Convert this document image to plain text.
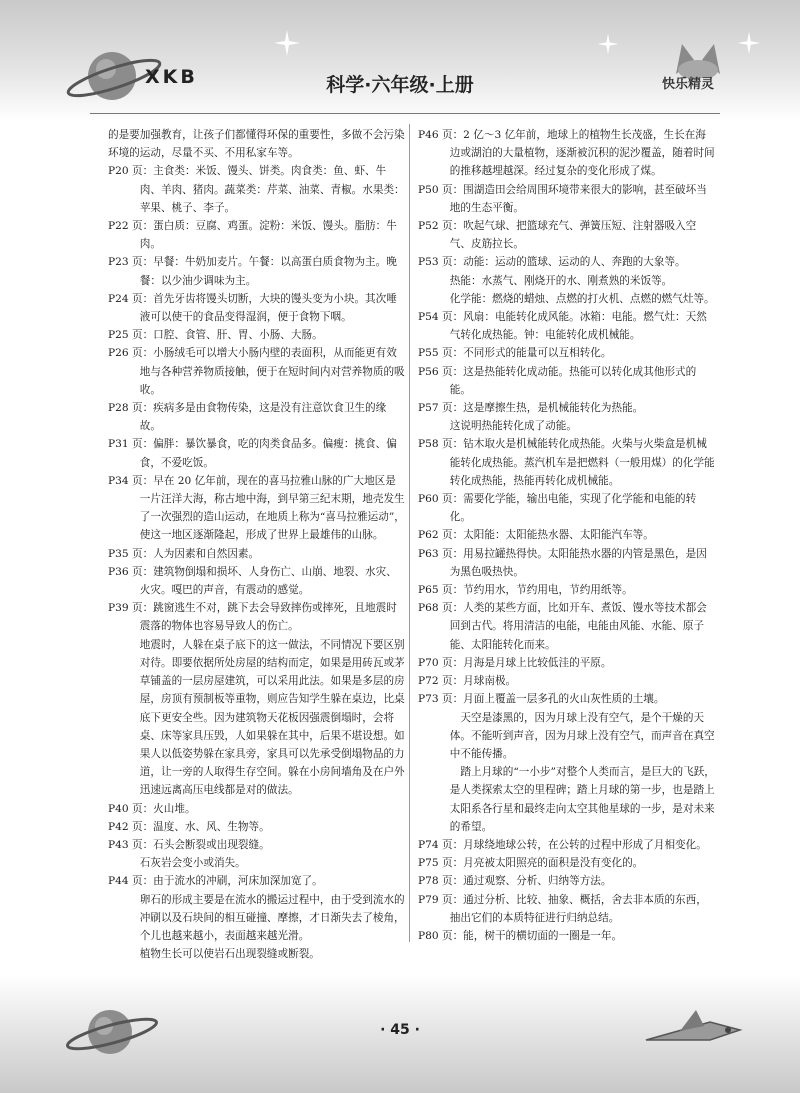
XKB	科学·六年级·上册	快乐精灵

的是要加强教育，让孩子们都懂得环保的重要性，多做不会污染环境的运动，尽量不买、不用私家车等。

P20 页：主食类：米饭、馒头、饼类。肉食类：鱼、虾、牛肉、羊肉、猪肉。蔬菜类：芹菜、油菜、青椒。水果类：苹果、桃子、李子。

P22 页：蛋白质：豆腐、鸡蛋。淀粉：米饭、馒头。脂肪：牛肉。

P23 页：早餐：牛奶加麦片。午餐：以高蛋白质食物为主。晚餐：以少油少调味为主。

P24 页：首先牙齿将馒头切断，大块的馒头变为小块。其次唾液可以使干的食品变得湿润，便于食物下咽。

P25 页：口腔、食管、肝、胃、小肠、大肠。

P26 页：小肠绒毛可以增大小肠内壁的表面积，从而能更有效地与各种营养物质接触，便于在短时间内对营养物质的吸收。

P28 页：疾病多是由食物传染，这是没有注意饮食卫生的缘故。

P31 页：偏胖：暴饮暴食，吃的肉类食品多。偏瘦：挑食、偏食，不爱吃饭。

P34 页：早在 20 亿年前，现在的喜马拉雅山脉的广大地区是一片汪洋大海，称古地中海，到早第三纪末期，地壳发生了一次强烈的造山运动，在地质上称为“喜马拉雅运动”，使这一地区逐渐隆起，形成了世界上最雄伟的山脉。

P35 页：人为因素和自然因素。

P36 页：建筑物倒塌和损坏、人身伤亡、山崩、地裂、水灾、火灾。嘎巴的声音，有震动的感觉。

P39 页：跳窗逃生不对，跳下去会导致摔伤或摔死，且地震时震落的物体也容易导致人的伤亡。

地震时，人躲在桌子底下的这一做法，不同情况下要区别对待。即要依据所处房屋的结构而定，如果是用砖瓦或茅草铺盖的一层房屋建筑，可以采用此法。如果是多层的房屋，房顶有预制板等重物，则应告知学生躲在桌边，比桌底下更安全些。因为建筑物天花板因强震倒塌时，会将桌、床等家具压毁，人如果躲在其中，后果不堪设想。如果人以低姿势躲在家具旁，家具可以先承受倒塌物品的力道，让一旁的人取得生存空间。躲在小房间墙角及在户外迅速远离高压电线都是对的做法。

P40 页：火山堆。

P42 页：温度、水、风、生物等。

P43 页：石头会断裂或出现裂缝。

石灰岩会变小或消失。

P44 页：由于流水的冲刷，河床加深加宽了。

卵石的形成主要是在流水的搬运过程中，由于受到流水的冲刷以及石块间的相互碰撞、摩擦，才日渐失去了棱角，个儿也越来越小，表面越来越光滑。

植物生长可以使岩石出现裂缝或断裂。

P46 页：2 亿～3 亿年前，地球上的植物生长茂盛，生长在海边或湖泊的大量植物，逐渐被沉积的泥沙覆盖，随着时间的推移越埋越深。经过复杂的变化形成了煤。

P50 页：围湖造田会给周围环境带来很大的影响，甚至破坏当地的生态平衡。

P52 页：吹起气球、把篮球充气、弹簧压短、注射器吸入空气、皮筋拉长。

P53 页：动能：运动的篮球、运动的人、奔跑的大象等。

热能：水蒸气、刚烧开的水、刚煮熟的米饭等。

化学能：燃烧的蜡烛、点燃的打火机、点燃的燃气灶等。

P54 页：风扇：电能转化成风能。冰箱：电能。燃气灶：天然气转化成热能。钟：电能转化成机械能。

P55 页：不同形式的能量可以互相转化。

P56 页：这是热能转化成动能。热能可以转化成其他形式的能。

P57 页：这是摩擦生热，是机械能转化为热能。

这说明热能转化成了动能。

P58 页：钻木取火是机械能转化成热能。火柴与火柴盒是机械能转化成热能。蒸汽机车是把燃料（一般用煤）的化学能转化成热能，热能再转化成机械能。

P60 页：需要化学能，输出电能，实现了化学能和电能的转化。

P62 页：太阳能：太阳能热水器、太阳能汽车等。

P63 页：用易拉罐热得快。太阳能热水器的内管是黑色，是因为黑色吸热快。

P65 页：节约用水，节约用电，节约用纸等。

P68 页：人类的某些方面，比如开车、煮饭、馒水等技术都会回到古代。将用清洁的电能，电能由风能、水能、原子能、太阳能转化而来。

P70 页：月海是月球上比较低洼的平原。

P72 页：月球南极。

P73 页：月面上覆盖一层多孔的火山灰性质的土壤。

天空是漆黑的，因为月球上没有空气，是个干燥的天体。不能听到声音，因为月球上没有空气，而声音在真空中不能传播。

踏上月球的“一小步”对整个人类而言，是巨大的飞跃，是人类探索太空的里程碑；踏上月球的第一步，也是踏上太阳系各行星和最终走向太空其他星球的一步，是对未来的希望。

P74 页：月球绕地球公转，在公转的过程中形成了月相变化。

P75 页：月亮被太阳照亮的面积是没有变化的。

P78 页：通过观察、分析、归纳等方法。

P79 页：通过分析、比较、抽象、概括，舍去非本质的东西，抽出它们的本质特征进行归纳总结。

P80 页：能，树干的横切面的一圈是一年。

· 45 ·
